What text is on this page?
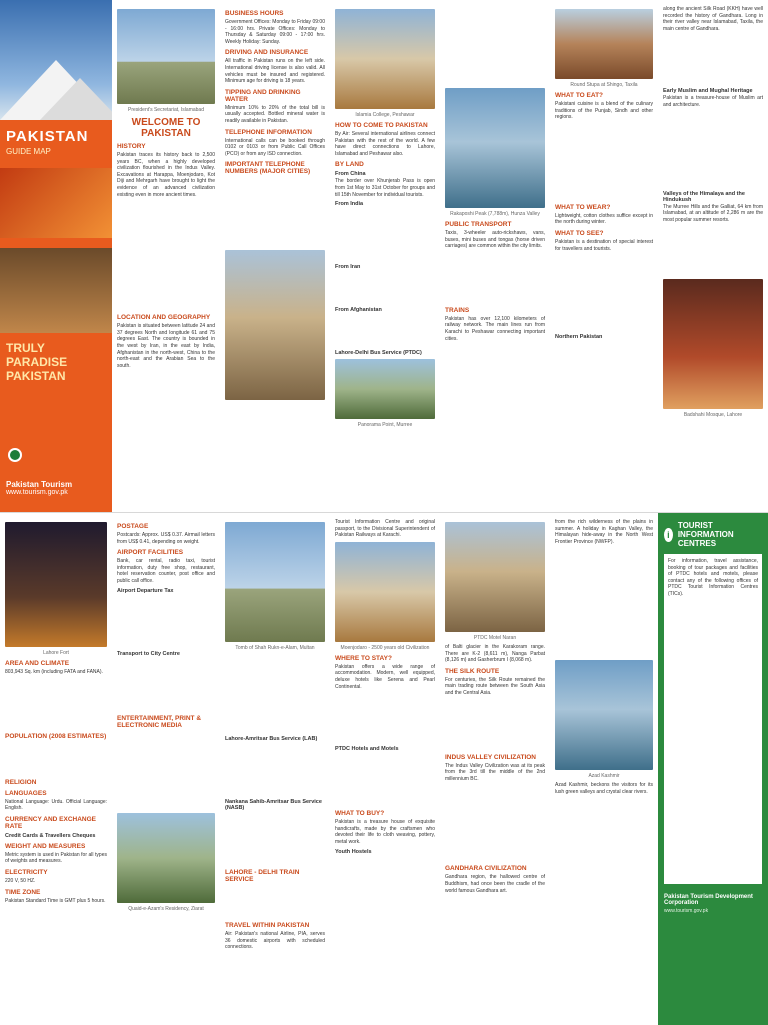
PAKISTAN
GUIDE MAP
TRULY PARADISE PAKISTAN
Pakistan Tourism
www.tourism.gov.pk
President's Secretariat, Islamabad
WELCOME TO PAKISTAN
HISTORY

Pakistan traces its history back to 2,500 years BC, when a highly developed civilization flourished in the Indus Valley. Excavations at Harappa, Moenjodaro, Kot Diji and Mehrgarh have brought to light the evidence of an advanced civilization existing even in more ancient times.

LOCATION AND GEOGRAPHY

Pakistan is situated between latitude 24 and 37 degrees North and longitude 61 and 75 degrees East. The country is bounded in the west by Iran, in the east by India, Afghanistan in the north-west, China to the north-east and the Arabian Sea to the south.

BUSINESS HOURS

Government Offices: Monday to Friday 09:00 - 16:00 hrs. Private Offices: Monday to Thursday & Saturday 09:00 - 17:00 hrs. Weekly Holiday: Sunday.

DRIVING AND INSURANCE

All traffic in Pakistan runs on the left side. International driving license is also valid. All vehicles must be insured and registered. Minimum age for driving is 18 years.

TIPPING AND DRINKING WATER

Minimum 10% to 20% of the total bill is usually accepted. Bottled mineral water is readily available in Pakistan.

TELEPHONE INFORMATION

International calls can be booked through 0102 or 0103 or from Public Call Offices (PCO) or from any ISD connection.

IMPORTANT TELEPHONE NUMBERS (MAJOR CITIES)
Islamia College, Peshawar
HOW TO COME TO PAKISTAN

By Air: Several international airlines connect Pakistan with the rest of the world. A few have direct connections to Lahore, Islamabad and Peshawar also.

BY LAND
From China

The border over Khunjerab Pass is open from 1st May to 31st October for groups and till 15th November for individual tourists.

From India
From Iran
From Afghanistan
Lahore-Delhi Bus Service (PTDC)
Panorama Point, Murree
Rakaposhi Peak (7,788m), Hunza Valley
PUBLIC TRANSPORT

Taxis, 3-wheeler auto-rickshaws, vans, buses, mini buses and tongas (horse driven carriages) are common within the city limits.

TRAINS

Pakistan has over 12,100 kilometers of railway network. The main lines run from Karachi to Peshawar connecting important cities.

Round Stupa at Shingo, Taxila
WHAT TO EAT?

Pakistani cuisine is a blend of the culinary traditions of the Punjab, Sindh and other regions.

WHAT TO WEAR?

Lightweight, cotton clothes suffice except in the north during winter.

WHAT TO SEE?

Pakistan is a destination of special interest for travellers and tourists.

Northern Pakistan

along the ancient Silk Road (KKH) have well recorded the history of Gandhara. Long in their river valley near Islamabad, Taxila, the main centre of Gandhara.

Early Muslim and Mughal Heritage

Pakistan is a treasure-house of Muslim art and architecture.

Valleys of the Himalaya and the Hindukush

The Murree Hills and the Galliat, 64 km from Islamabad, at an altitude of 2,286 m are the most popular summer resorts.

Badshahi Mosque, Lahore
Lahore Fort
AREA AND CLIMATE

803,943 Sq. km (including FATA and FANA).

POPULATION (2008 ESTIMATES)
RELIGION
LANGUAGES

National Language: Urdu. Official Language: English.

CURRENCY AND EXCHANGE RATE
Credit Cards & Travellers Cheques
WEIGHT AND MEASURES

Metric system is used in Pakistan for all types of weights and measures.

ELECTRICITY

220 V, 50 HZ.

TIME ZONE

Pakistan Standard Time is GMT plus 5 hours.

POSTAGE

Postcards: Approx. US$ 0.37. Airmail letters from US$ 0.41, depending on weight.

AIRPORT FACILITIES

Bank, car rental, radio taxi, tourist information, duty free shop, restaurant, hotel reservation counter, post office and public call office.

Airport Departure Tax
Transport to City Centre
ENTERTAINMENT, PRINT & ELECTRONIC MEDIA
Quaid-e-Azam's Residency, Ziarat
Tomb of Shah Rukn-e-Alam, Multan
Lahore-Amritsar Bus Service (LAB)
Nankana Sahib-Amritsar Bus Service (NASB)
LAHORE - DELHI TRAIN SERVICE
TRAVEL WITHIN PAKISTAN

Air: Pakistan's national Airline, PIA, serves 36 domestic airports with scheduled connections.

Tourist Information Centre and original passport, to the Divisional Superintendent of Pakistan Railways at Karachi.

Moenjodaro - 2500 years old Civilization
WHERE TO STAY?

Pakistan offers a wide range of accommodation. Modern, well equipped, deluxe hotels like Serena and Pearl Continental.

PTDC Hotels and Motels
WHAT TO BUY?

Pakistan is a treasure house of exquisite handicrafts, made by the craftsmen who devoted their life to cloth weaving, pottery, metal work.

Youth Hostels
PTDC Motel Naran

of Balti glacier in the Karakoram range. There are K-2 (8,611 m), Nanga Parbat (8,126 m) and Gasherbrum I (8,068 m).

THE SILK ROUTE

For centuries, the Silk Route remained the main trading route between the South Asia and the Central Asia.

INDUS VALLEY CIVILIZATION

The Indus Valley Civilization was at its peak from the 3rd till the middle of the 2nd millennium BC.

GANDHARA CIVILIZATION

Gandhara region, the hallowed centre of Buddhism, had once been the cradle of the world famous Gandhara art.

from the rich wilderness of the plains in summer. A holiday in Kaghan Valley, the Himalayan hide-away in the North West Frontier Province (NWFP).

Azad Kashmir

Azad Kashmir, beckons the visitors for its lush green valleys and crystal clear rivers.

i
TOURIST INFORMATION CENTRES

For information, travel assistance, booking of tour packages and facilities of PTDC hotels and motels, please contact any of the following offices of PTDC Tourist Information Centres (TICs).

Pakistan Tourism Development Corporation
www.tourism.gov.pk
